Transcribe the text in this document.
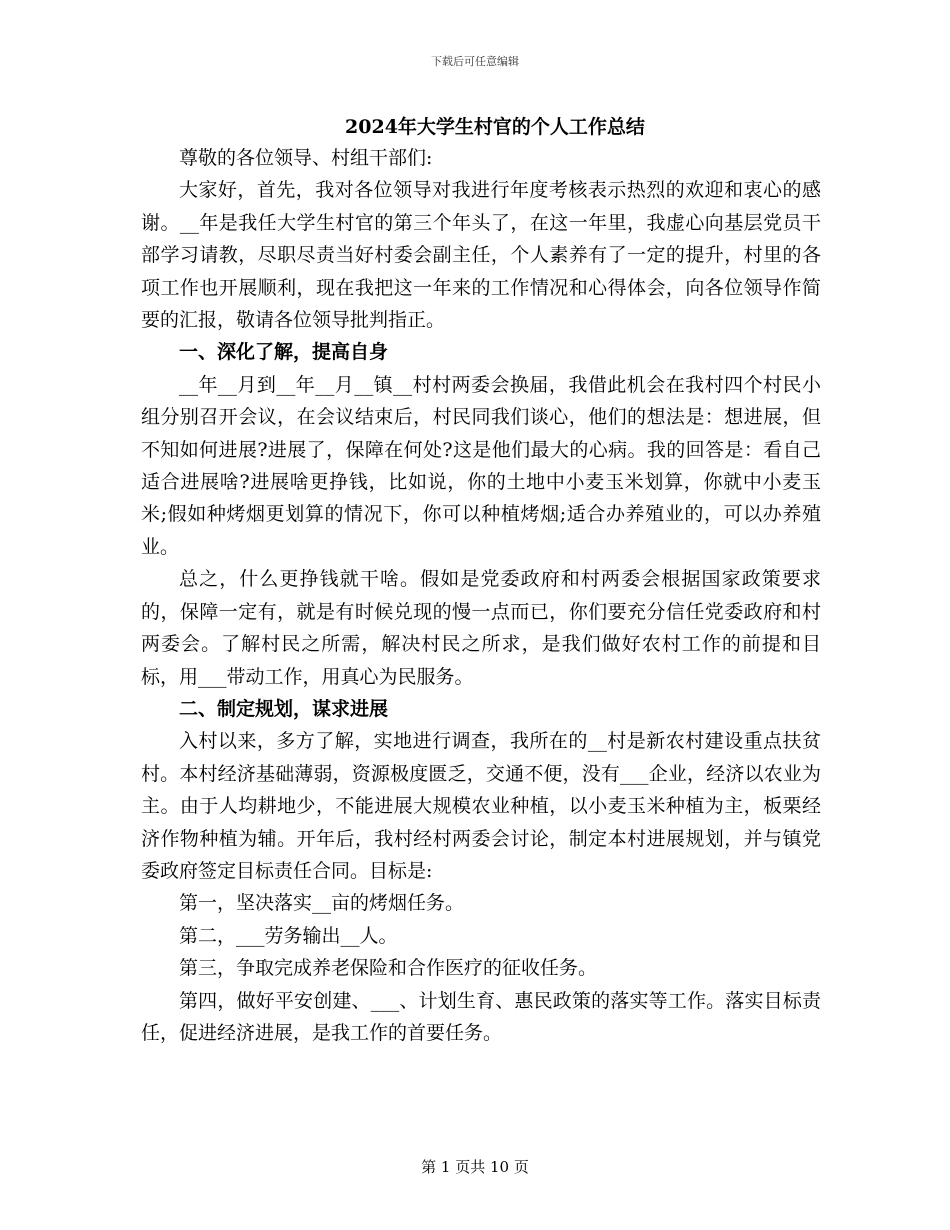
下载后可任意编辑

2024年大学生村官的个人工作总结

尊敬的各位领导、村组干部们:

大家好，首先，我对各位领导对我进行年度考核表示热烈的欢迎和衷心的感谢。__年是我任大学生村官的第三个年头了，在这一年里，我虚心向基层党员干部学习请教，尽职尽责当好村委会副主任，个人素养有了一定的提升，村里的各项工作也开展顺利，现在我把这一年来的工作情况和心得体会，向各位领导作简要的汇报，敬请各位领导批判指正。

一、深化了解，提高自身

__年__月到__年__月__镇__村村两委会换届，我借此机会在我村四个村民小组分别召开会议，在会议结束后，村民同我们谈心，他们的想法是：想进展，但不知如何进展?进展了，保障在何处?这是他们最大的心病。我的回答是：看自己适合进展啥?进展啥更挣钱，比如说，你的土地中小麦玉米划算，你就中小麦玉米;假如种烤烟更划算的情况下，你可以种植烤烟;适合办养殖业的，可以办养殖业。

总之，什么更挣钱就干啥。假如是党委政府和村两委会根据国家政策要求的，保障一定有，就是有时候兑现的慢一点而已，你们要充分信任党委政府和村两委会。了解村民之所需，解决村民之所求，是我们做好农村工作的前提和目标，用___带动工作，用真心为民服务。

二、制定规划，谋求进展

入村以来，多方了解，实地进行调查，我所在的__村是新农村建设重点扶贫村。本村经济基础薄弱，资源极度匮乏，交通不便，没有___企业，经济以农业为主。由于人均耕地少，不能进展大规模农业种植，以小麦玉米种植为主，板栗经济作物种植为辅。开年后，我村经村两委会讨论，制定本村进展规划，并与镇党委政府签定目标责任合同。目标是:

第一，坚决落实__亩的烤烟任务。

第二，___劳务输出__人。

第三，争取完成养老保险和合作医疗的征收任务。

第四，做好平安创建、___、计划生育、惠民政策的落实等工作。落实目标责任，促进经济进展，是我工作的首要任务。

第 1 页共 10 页
